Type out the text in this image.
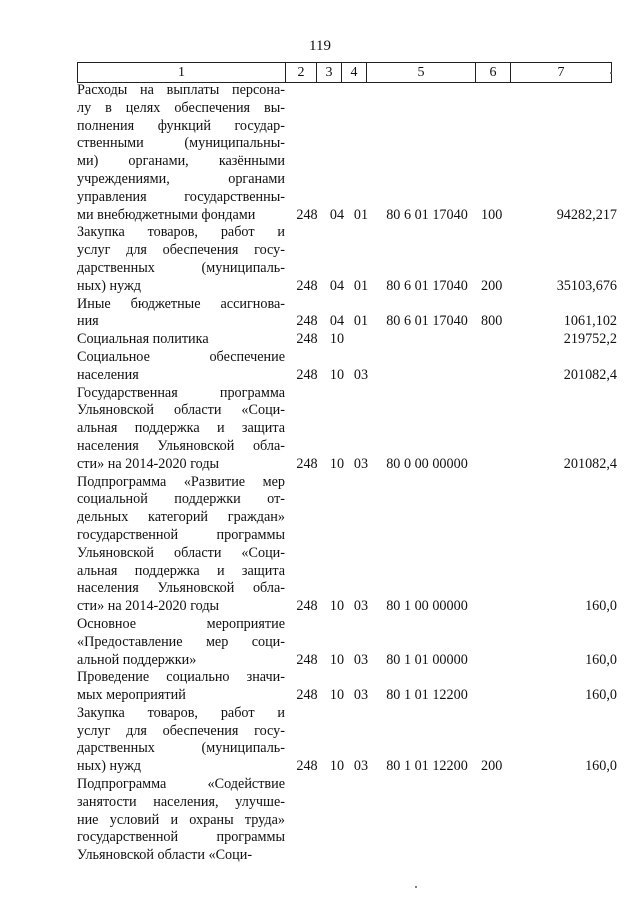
119
1	2	3	4	5	6	7
Расходы на выплаты персона-
лу в целях обеспечения вы-
полнения функций государ-
ственными (муниципальны-
ми) органами, казёнными
учреждениями, органами
управления государственны-
ми внебюджетными фондами	248 04 01	80 6 01 17040 100	94282,217
Закупка товаров, работ и
услуг для обеспечения госу-
дарственных (муниципаль-
ных) нужд	248 04 01	80 6 01 17040 200	35103,676
Иные бюджетные ассигнова-
ния	248 04 01	80 6 01 17040 800	1061,102
Социальная политика	248 10	219752,2
Социальное обеспечение
населения	248 10 03	201082,4
Государственная программа
Ульяновской области «Соци-
альная поддержка и защита
населения Ульяновской обла-
сти» на 2014-2020 годы	248 10 03	80 0 00 00000	201082,4
Подпрограмма «Развитие мер
социальной поддержки от-
дельных категорий граждан»
государственной программы
Ульяновской области «Соци-
альная поддержка и защита
населения Ульяновской обла-
сти» на 2014-2020 годы	248 10 03	80 1 00 00000	160,0
Основное мероприятие
«Предоставление мер соци-
альной поддержки»	248 10 03	80 1 01 00000	160,0
Проведение социально значи-
мых мероприятий	248 10 03	80 1 01 12200	160,0
Закупка товаров, работ и
услуг для обеспечения госу-
дарственных (муниципаль-
ных) нужд	248 10 03	80 1 01 12200 200	160,0
Подпрограмма «Содействие
занятости населения, улучше-
ние условий и охраны труда»
государственной программы
Ульяновской области «Соци-
